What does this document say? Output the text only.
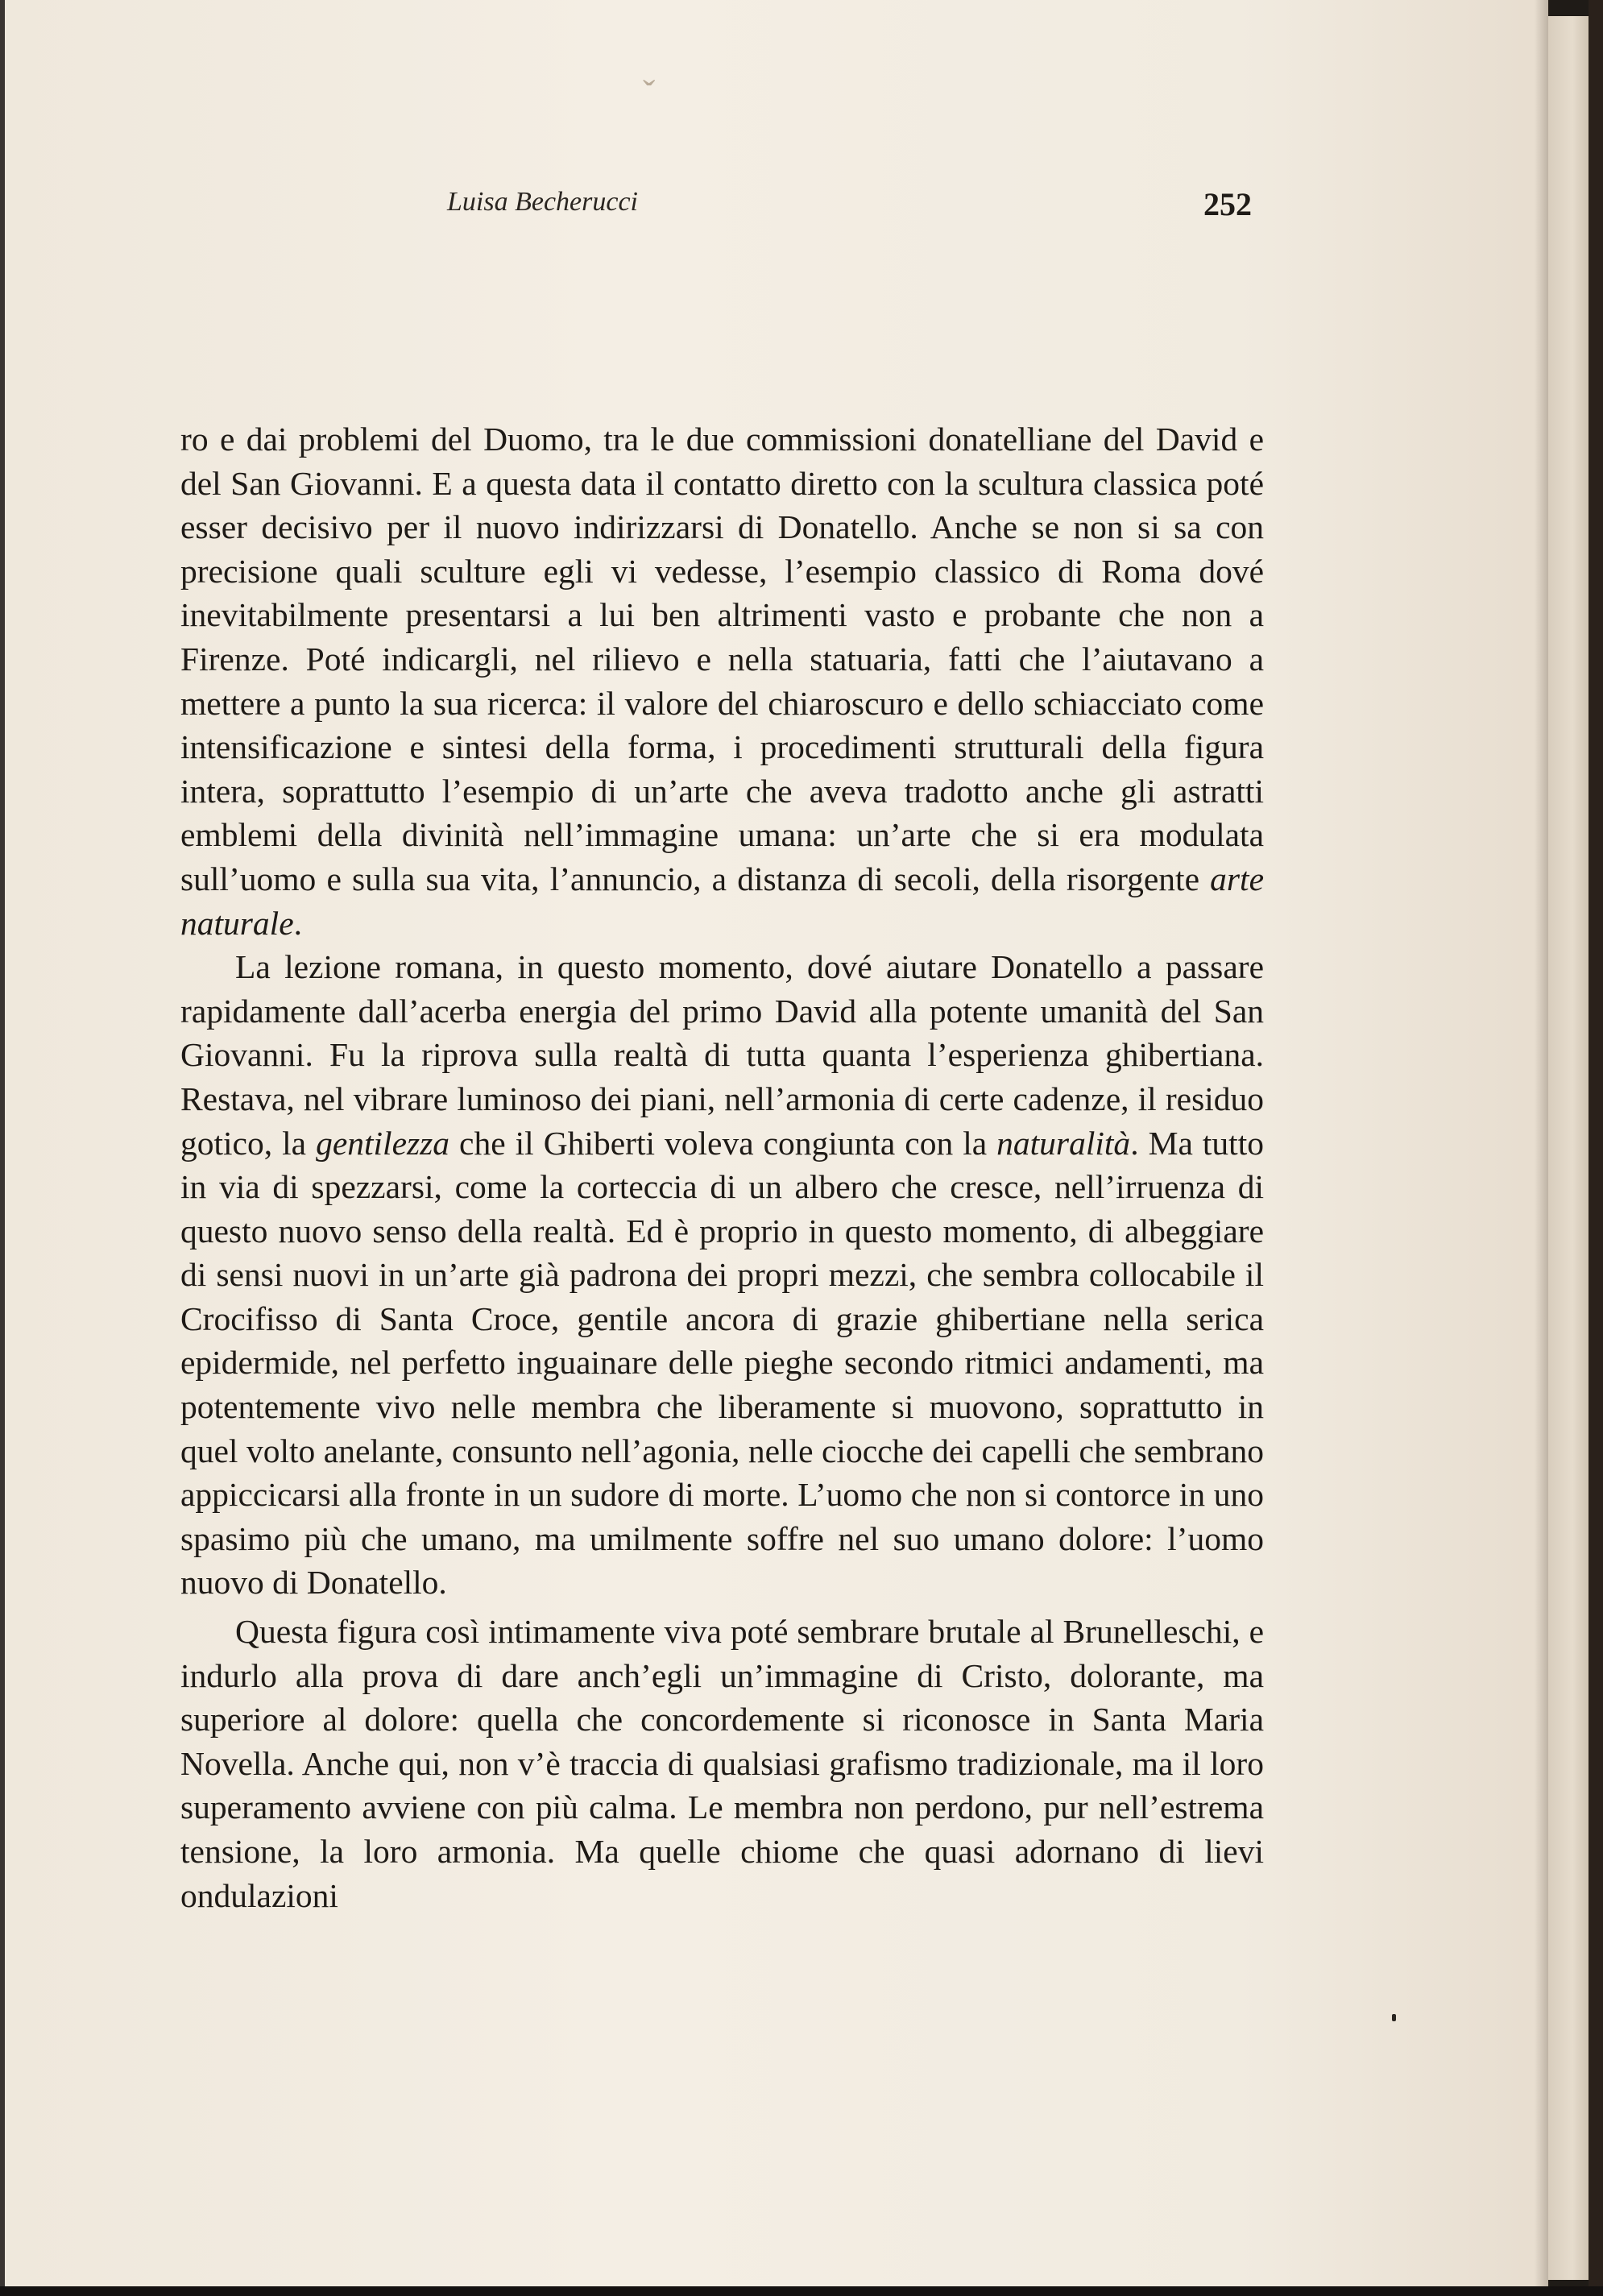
ˇ
Luisa Becherucci	252

ro e dai problemi del Duomo, tra le due commissioni donatelliane del David e del San Giovanni. E a questa data il contatto diretto con la scultura classica poté esser decisivo per il nuovo indirizzarsi di Donatello. Anche se non si sa con precisione quali sculture egli vi vedesse, l’esempio classico di Roma dové inevitabilmente presentarsi a lui ben altrimenti vasto e probante che non a Firenze. Poté indicargli, nel rilievo e nella statuaria, fatti che l’aiutavano a mettere a punto la sua ricerca: il valore del chiaroscuro e dello schiacciato come intensificazione e sintesi della forma, i procedimenti strutturali della figura intera, soprattutto l’esempio di un’arte che aveva tradotto anche gli astratti emblemi della divinità nell’immagine umana: un’arte che si era modulata sull’uomo e sulla sua vita, l’annuncio, a distanza di secoli, della risorgente arte naturale.

La lezione romana, in questo momento, dové aiutare Donatello a passare rapidamente dall’acerba energia del primo David alla potente umanità del San Giovanni. Fu la riprova sulla realtà di tutta quanta l’esperienza ghibertiana. Restava, nel vibrare luminoso dei piani, nell’armonia di certe cadenze, il residuo gotico, la gentilezza che il Ghiberti voleva congiunta con la naturalità. Ma tutto in via di spezzarsi, come la corteccia di un albero che cresce, nell’irruenza di questo nuovo senso della realtà. Ed è proprio in questo momento, di albeggiare di sensi nuovi in un’arte già padrona dei propri mezzi, che sembra collocabile il Crocifisso di Santa Croce, gentile ancora di grazie ghibertiane nella serica epidermide, nel perfetto inguainare delle pieghe secondo ritmici andamenti, ma potentemente vivo nelle membra che liberamente si muovono, soprattutto in quel volto anelante, consunto nell’agonia, nelle ciocche dei capelli che sembrano appiccicarsi alla fronte in un sudore di morte. L’uomo che non si contorce in uno spasimo più che umano, ma umilmente soffre nel suo umano dolore: l’uomo nuovo di Donatello.

Questa figura così intimamente viva poté sembrare brutale al Brunelleschi, e indurlo alla prova di dare anch’egli un’immagine di Cristo, dolorante, ma superiore al dolore: quella che concordemente si riconosce in Santa Maria Novella. Anche qui, non v’è traccia di qualsiasi grafismo tradizionale, ma il loro superamento avviene con più calma. Le membra non perdono, pur nell’estrema tensione, la loro armonia. Ma quelle chiome che quasi adornano di lievi ondulazioni
